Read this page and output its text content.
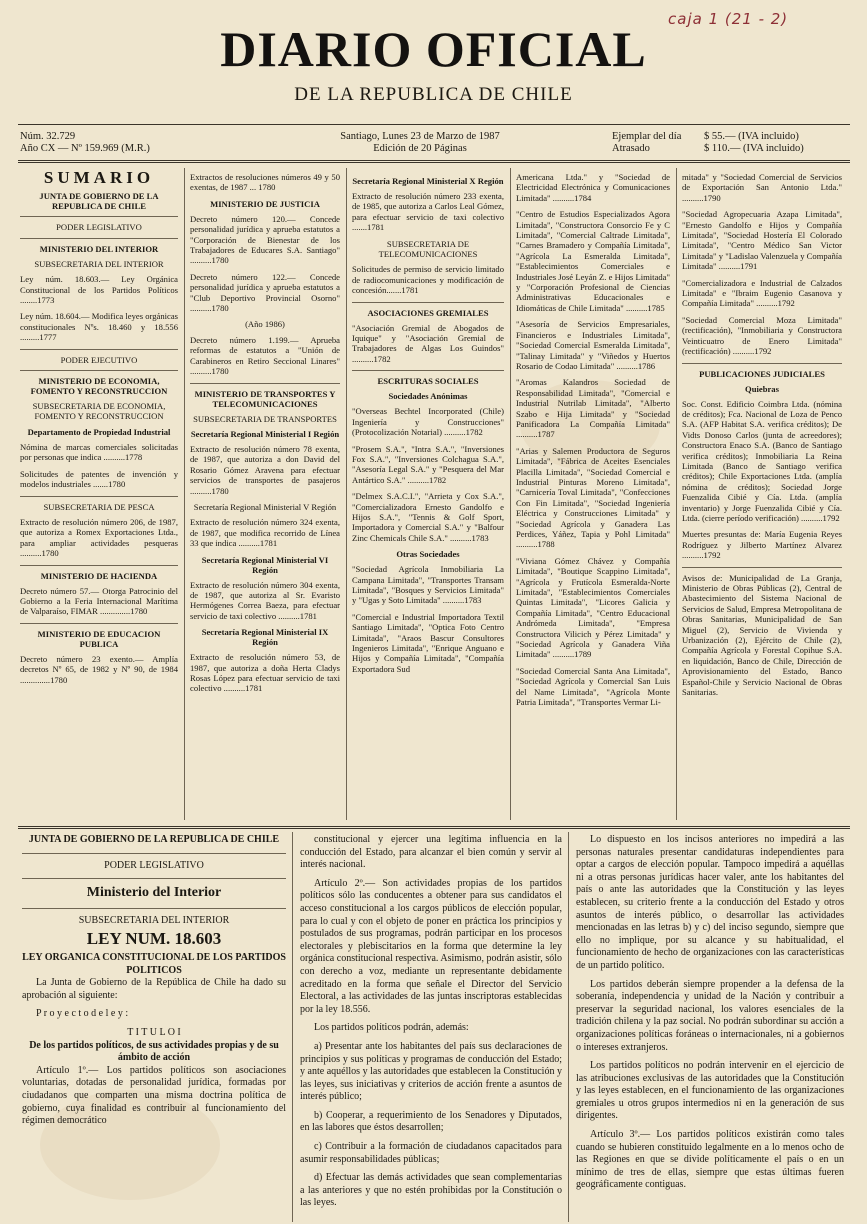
caja 1 (21 - 2)
DIARIO OFICIAL
DE LA REPUBLICA DE CHILE
Núm. 32.729
Año CX — Nº 159.969 (M.R.)
Santiago, Lunes 23 de Marzo de 1987
Edición de 20 Páginas
Ejemplar del día $ 55.— (IVA incluido)
Atrasado	$ 110.— (IVA incluido)
SUMARIO
JUNTA DE GOBIERNO DE LA REPUBLICA DE CHILE
PODER LEGISLATIVO
MINISTERIO DEL INTERIOR
SUBSECRETARIA DEL INTERIOR

Ley núm. 18.603.— Ley Orgánica Constitucional de los Partidos Políticos ........1773

Ley núm. 18.604.— Modifica leyes orgánicas constitucionales Nºs. 18.460 y 18.556 .........1777

PODER EJECUTIVO
MINISTERIO DE ECONOMIA, FOMENTO Y RECONSTRUCCION
SUBSECRETARIA DE ECONOMIA, FOMENTO Y RECONSTRUCCION
Departamento de Propiedad Industrial

Nómina de marcas comerciales solicitadas por personas que indica ..........1778

Solicitudes de patentes de invención y modelos industriales .......1780

SUBSECRETARIA DE PESCA

Extracto de resolución número 206, de 1987, que autoriza a Romex Exportaciones Ltda., para ampliar actividades pesqueras ..........1780

MINISTERIO DE HACIENDA

Decreto número 57.— Otorga Patrocinio del Gobierno a la Feria Internacional Marítima de Valparaíso, FIMAR ..............1780

MINISTERIO DE EDUCACION PUBLICA

Decreto número 23 exento.— Amplía decretos Nº 65, de 1982 y Nº 90, de 1984 ..............1780

Extractos de resoluciones números 49 y 50 exentas, de 1987 ... 1780

MINISTERIO DE JUSTICIA

Decreto número 120.— Concede personalidad jurídica y aprueba estatutos a "Corporación de Bienestar de los Trabajadores de Educares S.A. Santiago" ..........1780

Decreto número 122.— Concede personalidad jurídica y aprueba estatutos a "Club Deportivo Provincial Osorno" ..........1780

(Año 1986)

Decreto número 1.199.— Aprueba reformas de estatutos a "Unión de Carabineros en Retiro Seccional Linares" ..........1780

MINISTERIO DE TRANSPORTES Y TELECOMUNICACIONES
SUBSECRETARIA DE TRANSPORTES
Secretaría Regional Ministerial I Región

Extracto de resolución número 78 exenta, de 1987, que autoriza a don David del Rosario Gómez Aravena para efectuar servicios de transportes de pasajeros ..........1780

Secretaría Regional Ministerial V Región

Extracto de resolución número 324 exenta, de 1987, que modifica recorrido de Línea 33 que indica ..........1781

Secretaría Regional Ministerial VI Región

Extracto de resolución número 304 exenta, de 1987, que autoriza al Sr. Evaristo Hermógenes Correa Baeza, para efectuar servicio de taxi colectivo ..........1781

Secretaría Regional Ministerial IX Región

Extracto de resolución número 53, de 1987, que autoriza a doña Herta Cladys Rosas López para efectuar servicio de taxi colectivo ..........1781

Secretaría Regional Ministerial X Región

Extracto de resolución número 233 exenta, de 1985, que autoriza a Carlos Leal Gómez, para efectuar servicio de taxi colectivo .......1781

SUBSECRETARIA DE TELECOMUNICACIONES

Solicitudes de permiso de servicio limitado de radiocomunicaciones y modificación de concesión.......1781

ASOCIACIONES GREMIALES

"Asociación Gremial de Abogados de Iquique" y "Asociación Gremial de Trabajadores de Algas Los Guindos" ..........1782

ESCRITURAS SOCIALES
Sociedades Anónimas

"Overseas Bechtel Incorporated (Chile) Ingeniería y Construcciones" (Protocolización Notarial) ..........1782

"Prosem S.A.", "Intra S.A.", "Inversiones Fox S.A.", "Inversiones Colchagua S.A.", "Asesoría Legal S.A." y "Pesquera del Mar Antártico S.A." ..........1782

"Delmex S.A.C.I.", "Arrieta y Cox S.A.", "Comercializadora Ernesto Gandolfo e Hijos S.A.", "Tennis & Golf Sport, Importadora y Comercial S.A." y "Balfour Zinc Chemicals Chile S.A." ..........1783

Otras Sociedades

"Sociedad Agrícola Inmobiliaria La Campana Limitada", "Transportes Transam Limitada", "Bosques y Servicios Limitada" y "Ugas y Soto Limitada" ..........1783

"Comercial e Industrial Importadora Textil Santiago Limitada", "Optica Foto Centro Limitada", "Araos Bascur Consultores Ingenieros Limitada", "Enrique Anguano e Hijos y Compañía Limitada", "Compañía Exportadora Sud

Americana Ltda." y "Sociedad de Electricidad Electrónica y Comunicaciones Limitada" ..........1784

"Centro de Estudios Especializados Agora Limitada", "Constructora Consorcio Fe y C Limitada", "Comercial Caltrade Limitada", "Carnes Bramadero y Compañía Limitada", "Agrícola La Esmeralda Limitada", "Establecimientos Comerciales e Industriales José Leyán Z. e Hijos Limitada" y "Corporación Profesional de Ciencias Administrativas Educacionales e Idiomáticas de Chile Limitada" ..........1785

"Asesoría de Servicios Empresariales, Financieros e Industriales Limitada", "Sociedad Comercial Esmeralda Limitada", "Talinay Limitada" y "Viñedos y Huertos Rosario de Codao Limitada" ..........1786

"Aromas Kalandros Sociedad de Responsabilidad Limitada", "Comercial e Industrial Nutrilab Limitada", "Alberto Szabo e Hija Limitada" y "Sociedad Panificadora La Compañía Limitada" ..........1787

"Arias y Salemen Productora de Seguros Limitada", "Fábrica de Aceites Esenciales Placilla Limitada", "Sociedad Comercial e Industrial Pinturas Moreno Limitada", "Carnicería Toval Limitada", "Confecciones Con Fin Limitada", "Sociedad Ingeniería Eléctrica y Construcciones Limitada" y "Sociedad Agrícola y Ganadera Las Perdices, Yáñez, Tapia y Pohl Limitada" ..........1788

"Viviana Gómez Chávez y Compañía Limitada", "Boutique Scappino Limitada", "Agrícola y Frutícola Esmeralda-Norte Limitada", "Establecimientos Comerciales Quintas Limitada", "Licores Galicia y Compañía Limitada", "Centro Educacional Andrómeda Limitada", "Empresa Constructora Vilicich y Pérez Limitada" y "Sociedad Agrícola y Ganadera Viña Limitada" ..........1789

"Sociedad Comercial Santa Ana Limitada", "Sociedad Agrícola y Comercial San Luis del Name Limitada", "Agrícola Monte Patria Limitada", "Transportes Vermar Li-

mitada" y "Sociedad Comercial de Servicios de Exportación San Antonio Ltda." ..........1790

"Sociedad Agropecuaria Azapa Limitada", "Ernesto Gandolfo e Hijos y Compañía Limitada", "Sociedad Hostería El Colorado Limitada", "Centro Médico San Victor Limitada" y "Ladislao Valenzuela y Compañía Limitada" ..........1791

"Comercializadora e Industrial de Calzados Limitada" e "Ibraim Eugenio Casanova y Compañía Limitada" ..........1792

"Sociedad Comercial Moza Limitada" (rectificación), "Inmobiliaria y Constructora Veinticuatro de Enero Limitada" (rectificación) ..........1792

PUBLICACIONES JUDICIALES
Quiebras

Soc. Const. Edificio Coimbra Ltda. (nómina de créditos); Fca. Nacional de Loza de Penco S.A. (AFP Habitat S.A. verifica créditos); De Vidts Donoso Carlos (junta de acreedores); Constructora Enaco S.A. (Banco de Santiago verifica créditos); Inmobiliaria La Reina Limitada (Banco de Santiago verifica créditos); Chile Exportaciones Ltda. (amplía nómina de créditos); Sociedad Jorge Fuenzalida Cibié y Cía. Ltda. (amplía inventario) y Jorge Fuenzalida Cibié y Cía. Ltda. (cierre período verificación) ..........1792

Muertes presuntas de: María Eugenia Reyes Rodríguez y Jilberto Martínez Alvarez ..........1792

Avisos de: Municipalidad de La Granja, Ministerio de Obras Públicas (2), Central de Abastecimiento del Sistema Nacional de Servicios de Salud, Empresa Metropolitana de Obras Sanitarias, Municipalidad de San Miguel (2), Servicio de Vivienda y Urbanización (2), Ejército de Chile (2), Compañía Agrícola y Forestal Copihue S.A. en liquidación, Banco de Chile, Dirección de Aprovisionamiento del Estado, Banco Español-Chile y Servicio Nacional de Obras Sanitarias.

JUNTA DE GOBIERNO DE LA REPUBLICA DE CHILE
PODER LEGISLATIVO
Ministerio del Interior
SUBSECRETARIA DEL INTERIOR
LEY NUM. 18.603
LEY ORGANICA CONSTITUCIONAL DE LOS PARTIDOS POLITICOS

La Junta de Gobierno de la República de Chile ha dado su aprobación al siguiente:

P r o y e c t o d e l e y :

T I T U L O I
De los partidos políticos, de sus actividades propias y de su ámbito de acción

Artículo 1º.— Los partidos políticos son asociaciones voluntarias, dotadas de personalidad jurídica, formadas por ciudadanos que comparten una misma doctrina política de gobierno, cuya finalidad es contribuir al funcionamiento del régimen democrático

constitucional y ejercer una legítima influencia en la conducción del Estado, para alcanzar el bien común y servir al interés nacional.

Artículo 2º.— Son actividades propias de los partidos políticos sólo las conducentes a obtener para sus candidatos el acceso constitucional a los cargos públicos de elección popular, para lo cual y con el objeto de poner en práctica los principios y postulados de sus programas, podrán participar en los procesos electorales y plebiscitarios en la forma que determine la ley orgánica constitucional respectiva. Asimismo, podrán asistir, sólo con derecho a voz, mediante un representante debidamente acreditado en la forma que señale el Director del Servicio Electoral, a las actividades de las juntas inscriptoras establecidas por la ley 18.556.

Los partidos políticos podrán, además:

a) Presentar ante los habitantes del país sus declaraciones de principios y sus políticas y programas de conducción del Estado; y ante aquéllos y las autoridades que establecen la Constitución y las leyes, sus iniciativas y criterios de acción frente a asuntos de interés público;

b) Cooperar, a requerimiento de los Senadores y Diputados, en las labores que éstos desarrollen;

c) Contribuir a la formación de ciudadanos capacitados para asumir responsabilidades públicas;

d) Efectuar las demás actividades que sean complementarias a las anteriores y que no estén prohibidas por la Constitución o las leyes.

Lo dispuesto en los incisos anteriores no impedirá a las personas naturales presentar candidaturas independientes para optar a cargos de elección popular. Tampoco impedirá a aquéllas ni a otras personas jurídicas hacer valer, ante los habitantes del país o ante las autoridades que la Constitución y las leyes establecen, su criterio frente a la conducción del Estado y otros asuntos de interés público, o desarrollar las actividades mencionadas en las letras b) y c) del inciso segundo, siempre que ello no implique, por su alcance y su habitualidad, el funcionamiento de hecho de organizaciones con las características de un partido político.

Los partidos deberán siempre propender a la defensa de la soberanía, independencia y unidad de la Nación y contribuir a preservar la seguridad nacional, los valores esenciales de la tradición chilena y la paz social. No podrán subordinar su acción a organizaciones políticas foráneas o internacionales, ni a gobiernos o intereses extranjeros.

Los partidos políticos no podrán intervenir en el ejercicio de las atribuciones exclusivas de las autoridades que la Constitución y las leyes establecen, en el funcionamiento de las organizaciones gremiales u otros grupos intermedios ni en la generación de sus dirigentes.

Artículo 3º.— Los partidos políticos existirán como tales cuando se hubieren constituido legalmente en a lo menos ocho de las Regiones en que se divide políticamente el país o en un mínimo de tres de ellas, siempre que estas últimas fueren geográficamente contiguas.
